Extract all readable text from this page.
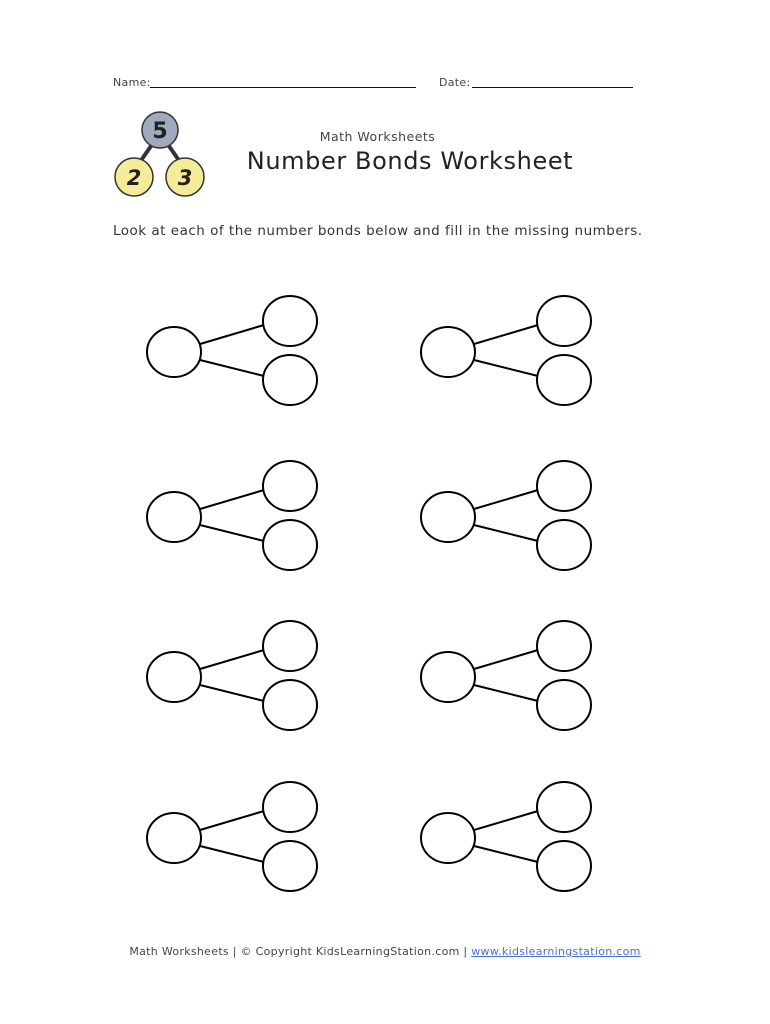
Name:	Date:
5
2 3
Math Worksheets
Number Bonds Worksheet
Look at each of the number bonds below and fill in the missing numbers.
Math Worksheets | © Copyright KidsLearningStation.com | www.kidslearningstation.com
